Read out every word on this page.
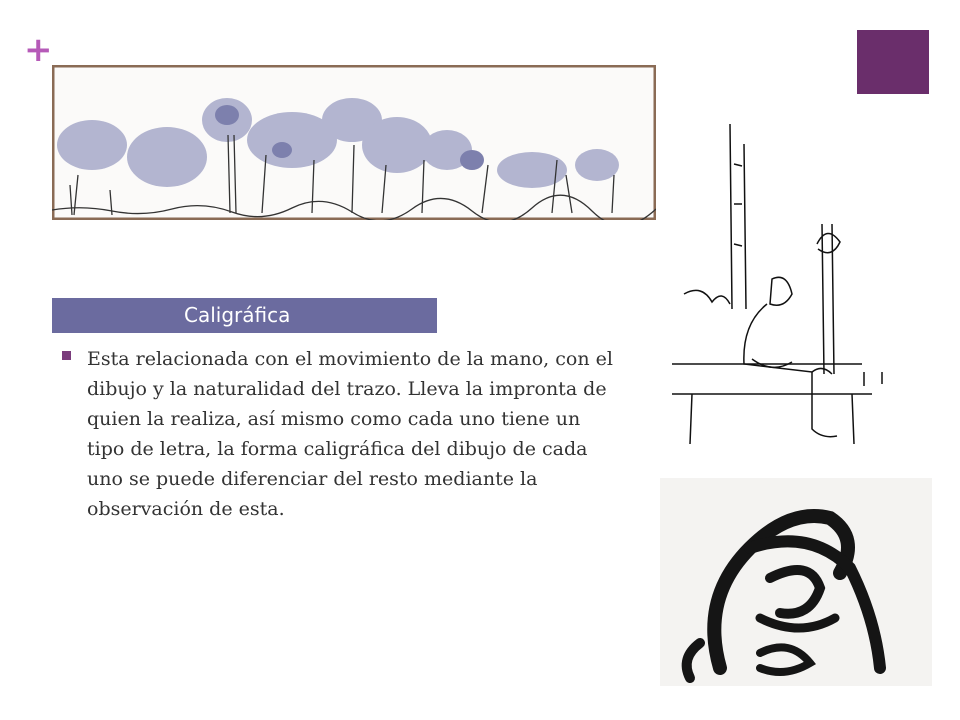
+
Caligráfica
Esta relacionada con el movimiento de la mano, con el dibujo y la naturalidad del trazo. Lleva la impronta de quien la realiza, así mismo como cada uno tiene un tipo de letra, la forma caligráfica del dibujo de cada uno se puede diferenciar del resto mediante la observación de esta.
